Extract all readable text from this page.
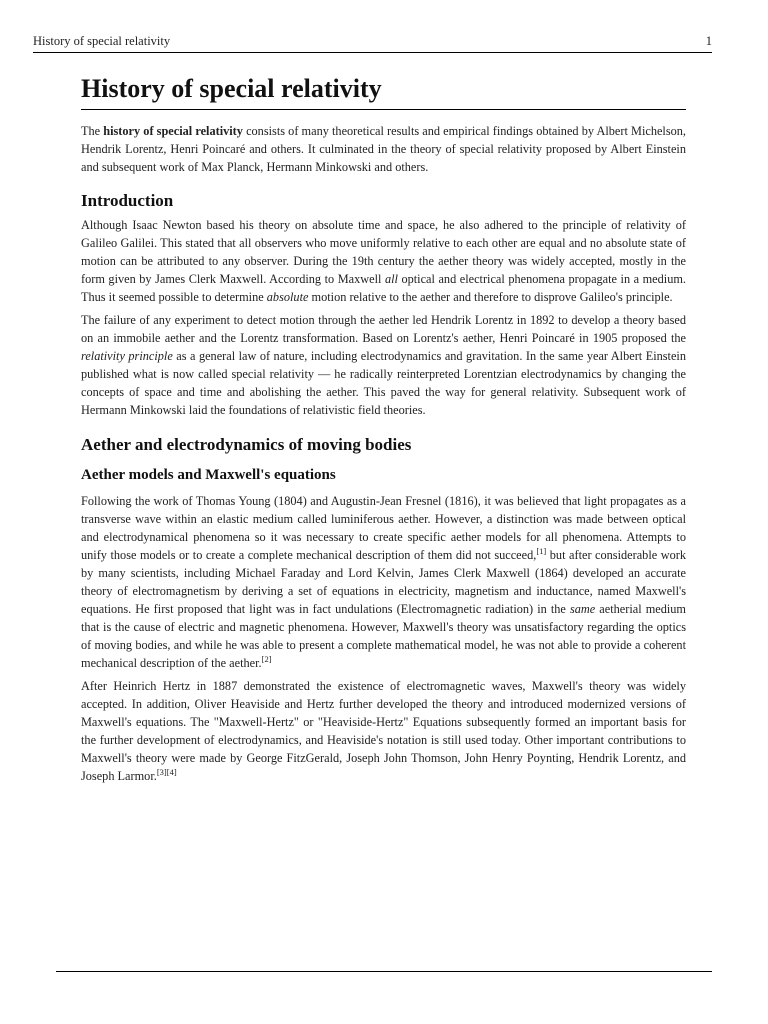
History of special relativity	1
History of special relativity

The history of special relativity consists of many theoretical results and empirical findings obtained by Albert Michelson, Hendrik Lorentz, Henri Poincaré and others. It culminated in the theory of special relativity proposed by Albert Einstein and subsequent work of Max Planck, Hermann Minkowski and others.

Introduction

Although Isaac Newton based his theory on absolute time and space, he also adhered to the principle of relativity of Galileo Galilei. This stated that all observers who move uniformly relative to each other are equal and no absolute state of motion can be attributed to any observer. During the 19th century the aether theory was widely accepted, mostly in the form given by James Clerk Maxwell. According to Maxwell all optical and electrical phenomena propagate in a medium. Thus it seemed possible to determine absolute motion relative to the aether and therefore to disprove Galileo's principle.

The failure of any experiment to detect motion through the aether led Hendrik Lorentz in 1892 to develop a theory based on an immobile aether and the Lorentz transformation. Based on Lorentz's aether, Henri Poincaré in 1905 proposed the relativity principle as a general law of nature, including electrodynamics and gravitation. In the same year Albert Einstein published what is now called special relativity — he radically reinterpreted Lorentzian electrodynamics by changing the concepts of space and time and abolishing the aether. This paved the way for general relativity. Subsequent work of Hermann Minkowski laid the foundations of relativistic field theories.

Aether and electrodynamics of moving bodies
Aether models and Maxwell's equations

Following the work of Thomas Young (1804) and Augustin-Jean Fresnel (1816), it was believed that light propagates as a transverse wave within an elastic medium called luminiferous aether. However, a distinction was made between optical and electrodynamical phenomena so it was necessary to create specific aether models for all phenomena. Attempts to unify those models or to create a complete mechanical description of them did not succeed,[1] but after considerable work by many scientists, including Michael Faraday and Lord Kelvin, James Clerk Maxwell (1864) developed an accurate theory of electromagnetism by deriving a set of equations in electricity, magnetism and inductance, named Maxwell's equations. He first proposed that light was in fact undulations (Electromagnetic radiation) in the same aetherial medium that is the cause of electric and magnetic phenomena. However, Maxwell's theory was unsatisfactory regarding the optics of moving bodies, and while he was able to present a complete mathematical model, he was not able to provide a coherent mechanical description of the aether.[2]

After Heinrich Hertz in 1887 demonstrated the existence of electromagnetic waves, Maxwell's theory was widely accepted. In addition, Oliver Heaviside and Hertz further developed the theory and introduced modernized versions of Maxwell's equations. The "Maxwell-Hertz" or "Heaviside-Hertz" Equations subsequently formed an important basis for the further development of electrodynamics, and Heaviside's notation is still used today. Other important contributions to Maxwell's theory were made by George FitzGerald, Joseph John Thomson, John Henry Poynting, Hendrik Lorentz, and Joseph Larmor.[3][4]
